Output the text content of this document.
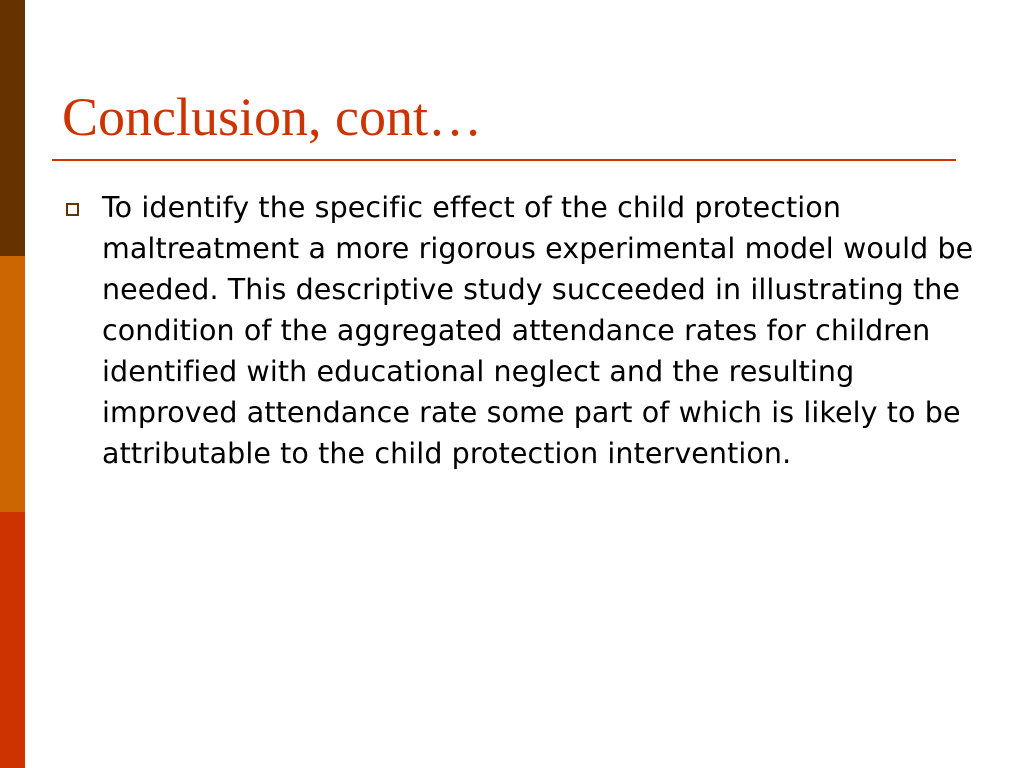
Conclusion, cont…
To identify the specific effect of the child protection maltreatment a more rigorous experimental model would be needed. This descriptive study succeeded in illustrating the condition of the aggregated attendance rates for children identified with educational neglect and the resulting improved attendance rate some part of which is likely to be attributable to the child protection intervention.
